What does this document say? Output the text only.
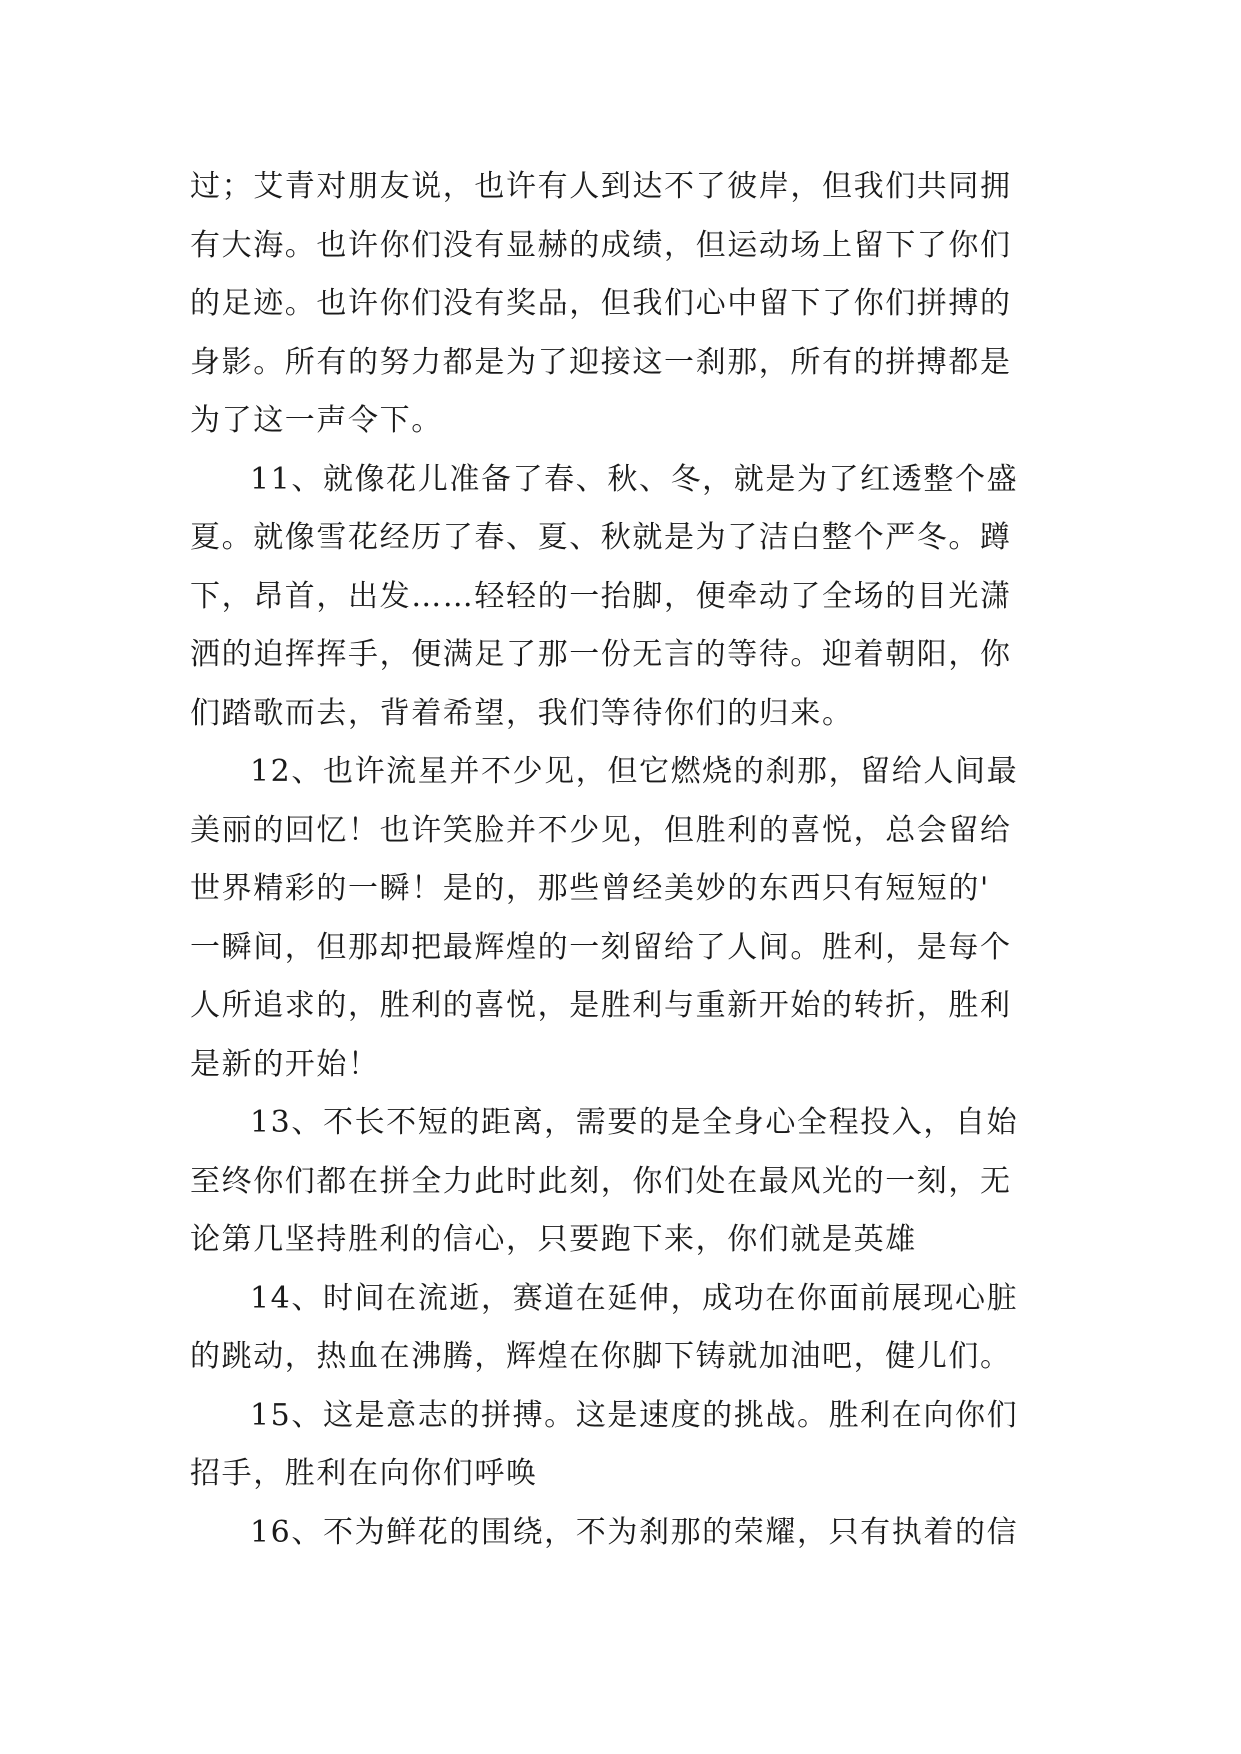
过；艾青对朋友说，也许有人到达不了彼岸，但我们共同拥
有大海。也许你们没有显赫的成绩，但运动场上留下了你们
的足迹。也许你们没有奖品，但我们心中留下了你们拼搏的
身影。所有的努力都是为了迎接这一刹那，所有的拼搏都是
为了这一声令下。
11、就像花儿准备了春、秋、冬，就是为了红透整个盛
夏。就像雪花经历了春、夏、秋就是为了洁白整个严冬。蹲
下，昂首，出发……轻轻的一抬脚，便牵动了全场的目光潇
洒的迫挥挥手，便满足了那一份无言的等待。迎着朝阳，你
们踏歌而去，背着希望，我们等待你们的归来。
12、也许流星并不少见，但它燃烧的刹那，留给人间最
美丽的回忆！也许笑脸并不少见，但胜利的喜悦，总会留给
世界精彩的一瞬！是的，那些曾经美妙的东西只有短短的'
一瞬间，但那却把最辉煌的一刻留给了人间。胜利，是每个
人所追求的，胜利的喜悦，是胜利与重新开始的转折，胜利
是新的开始！
13、不长不短的距离，需要的是全身心全程投入，自始
至终你们都在拼全力此时此刻，你们处在最风光的一刻，无
论第几坚持胜利的信心，只要跑下来，你们就是英雄
14、时间在流逝，赛道在延伸，成功在你面前展现心脏
的跳动，热血在沸腾，辉煌在你脚下铸就加油吧，健儿们。
15、这是意志的拼搏。这是速度的挑战。胜利在向你们
招手，胜利在向你们呼唤
16、不为鲜花的围绕，不为刹那的荣耀，只有执着的信
